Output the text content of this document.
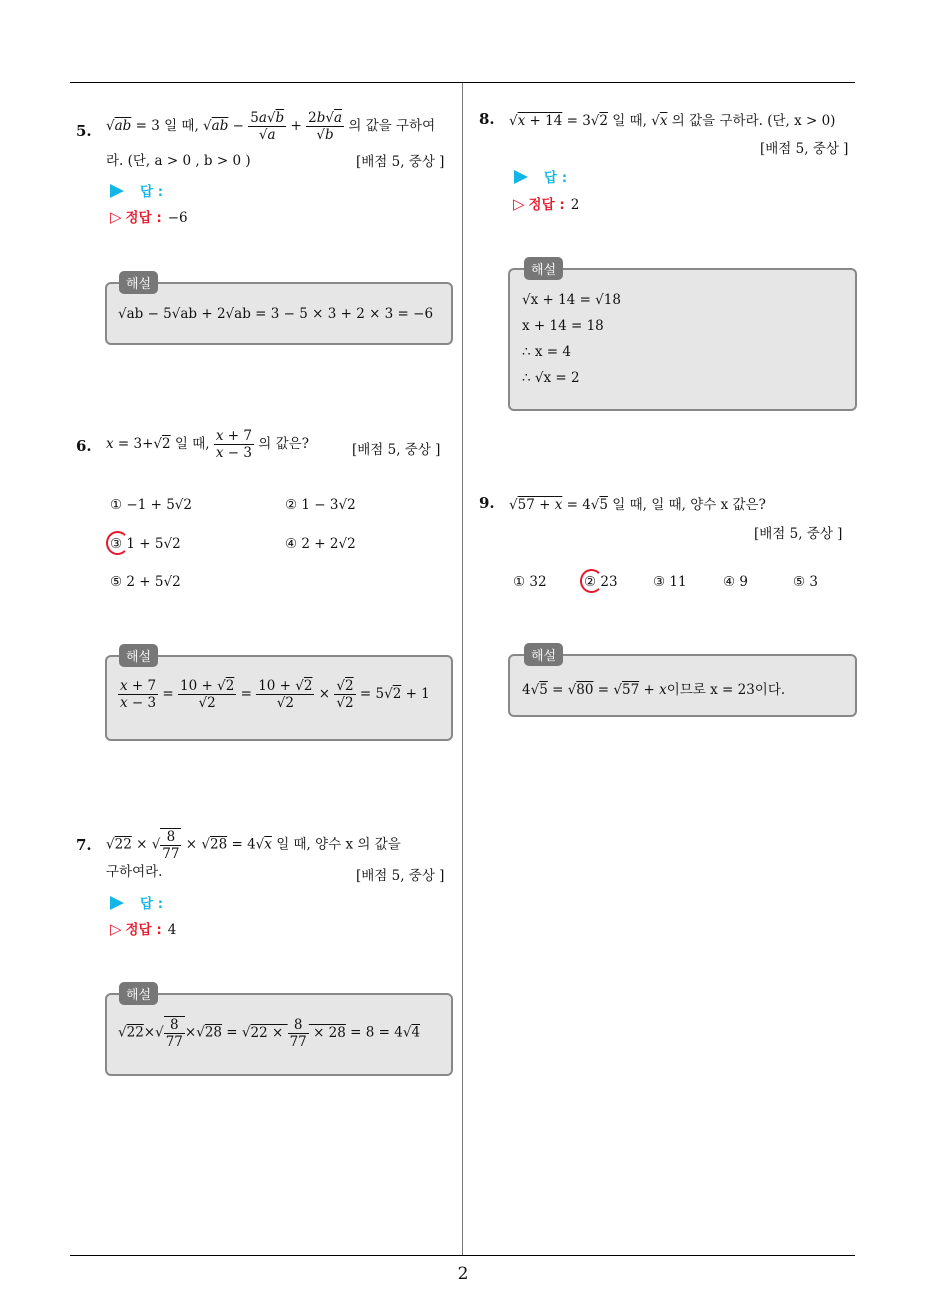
5. √ab = 3 일 때, $√ab - \frac{5a√b}{√a} + \frac{2b√a}{√b}$ 의 값을 구하여
라. (단, a > 0 , b > 0 )	[배점 5, 중상 ]
답 :
▷ 정답 : −6
해설
√ab − 5√ab + 2√ab = 3 − 5 × 3 + 2 × 3 = −6
6. x = 3+√2 일 때, $\frac{x + 7}{x - 3}$ 의 값은?	[배점 5, 중상 ]
① −1 + 5√2	② 1 − 3√2
③ 1 + 5√2	④ 2 + 2√2
⑤ 2 + 5√2
해설
$\frac{x + 7}{x - 3} = \frac{10 + √2}{√2} = \frac{10 + √2}{√2} \times \frac{√2}{√2} = 5√2 + 1$
7. √22 × √ $\frac{8}{77} \times √28 = 4√x$ 일 때, 양수 x 의 값을
구하여라.	[배점 5, 중상 ]
답 :
▷ 정답 : 4
해설
$√22\times√ \frac{8}{77} \times√28 = √22 \times \frac{8}{77} \times 28 = 8 = 4√4$
8. √x + 14 = 3√2 일 때, √x 의 값을 구하라. (단, x > 0)
[배점 5, 중상 ]
답 :
▷ 정답 : 2
해설
√x + 14 = √18
x + 14 = 18
∴ x = 4
∴ √x = 2
9. √57 + x = 4√5 일 때, 일 때, 양수 x 값은?
[배점 5, 중상 ]
① 32	② 23	③ 11	④ 9	⑤ 3
해설
4√5 = √80 = √57 + x이므로 x = 23이다.
2
